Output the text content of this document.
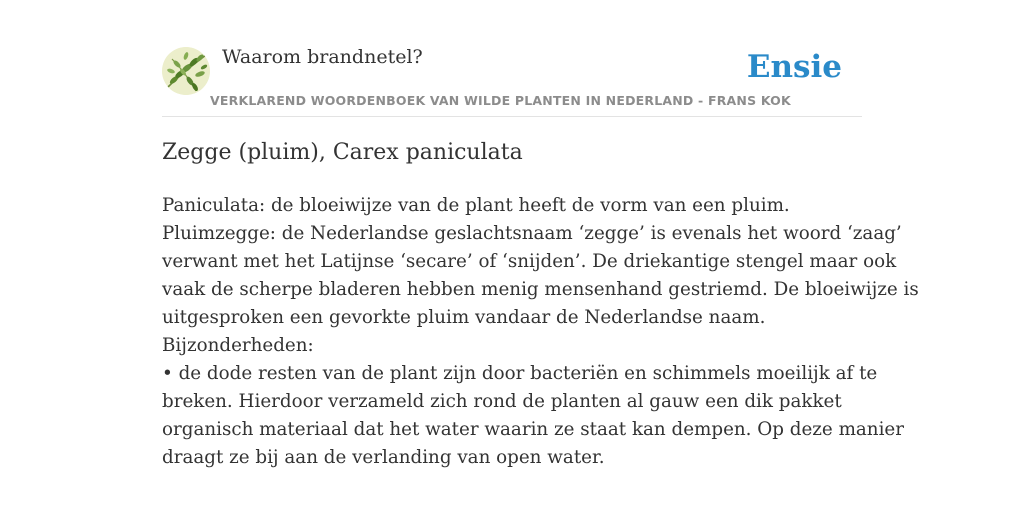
Waarom brandnetel?
VERKLAREND WOORDENBOEK VAN WILDE PLANTEN IN NEDERLAND - FRANS KOK
Ensie
Zegge (pluim), Carex paniculata

Paniculata: de bloeiwijze van de plant heeft de vorm van een pluim.

Pluimzegge: de Nederlandse geslachtsnaam ‘zegge’ is evenals het woord ‘zaag’

verwant met het Latijnse ‘secare’ of ‘snijden’. De driekantige stengel maar ook

vaak de scherpe bladeren hebben menig mensenhand gestriemd. De bloeiwijze is

uitgesproken een gevorkte pluim vandaar de Nederlandse naam.

Bijzonderheden:

• de dode resten van de plant zijn door bacteriën en schimmels moeilijk af te

breken. Hierdoor verzameld zich rond de planten al gauw een dik pakket

organisch materiaal dat het water waarin ze staat kan dempen. Op deze manier

draagt ze bij aan de verlanding van open water.
